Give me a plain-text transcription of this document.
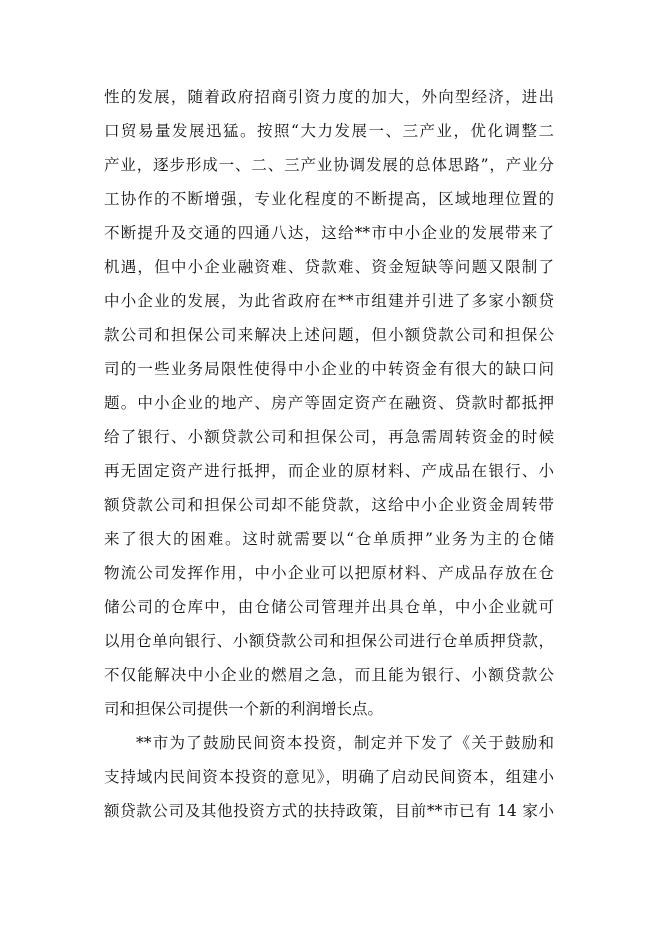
性的发展，随着政府招商引资力度的加大，外向型经济，进出
口贸易量发展迅猛。按照“大力发展一、三产业，优化调整二
产业，逐步形成一、二、三产业协调发展的总体思路”，产业分
工协作的不断增强，专业化程度的不断提高，区域地理位置的
不断提升及交通的四通八达，这给**市中小企业的发展带来了
机遇，但中小企业融资难、贷款难、资金短缺等问题又限制了
中小企业的发展，为此省政府在**市组建并引进了多家小额贷
款公司和担保公司来解决上述问题，但小额贷款公司和担保公
司的一些业务局限性使得中小企业的中转资金有很大的缺口问
题。中小企业的地产、房产等固定资产在融资、贷款时都抵押
给了银行、小额贷款公司和担保公司，再急需周转资金的时候
再无固定资产进行抵押，而企业的原材料、产成品在银行、小
额贷款公司和担保公司却不能贷款，这给中小企业资金周转带
来了很大的困难。这时就需要以“仓单质押”业务为主的仓储
物流公司发挥作用，中小企业可以把原材料、产成品存放在仓
储公司的仓库中，由仓储公司管理并出具仓单，中小企业就可
以用仓单向银行、小额贷款公司和担保公司进行仓单质押贷款，
不仅能解决中小企业的燃眉之急，而且能为银行、小额贷款公
司和担保公司提供一个新的利润增长点。
**市为了鼓励民间资本投资，制定并下发了《关于鼓励和
支持域内民间资本投资的意见》，明确了启动民间资本，组建小
额贷款公司及其他投资方式的扶持政策，目前**市已有 14 家小
